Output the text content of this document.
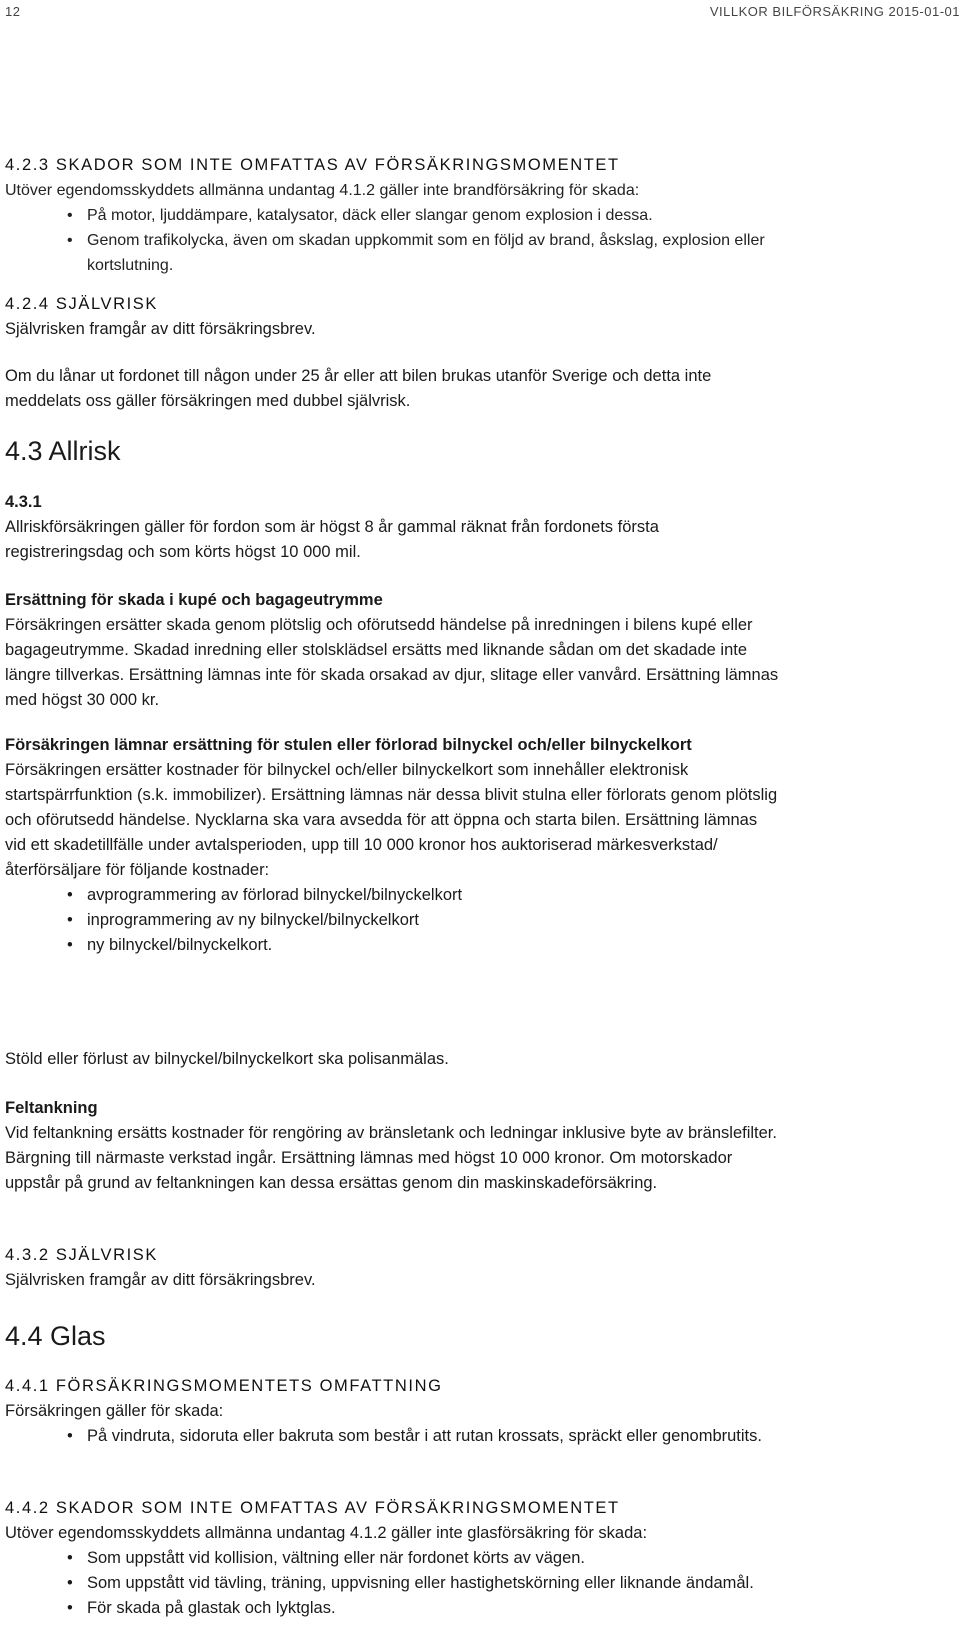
12	VILLKOR BILFÖRSÄKRING 2015-01-01
4.2.3 SKADOR SOM INTE OMFATTAS AV FÖRSÄKRINGSMOMENTET
Utöver egendomsskyddets allmänna undantag 4.1.2 gäller inte brandförsäkring för skada:
• På motor, ljuddämpare, katalysator, däck eller slangar genom explosion i dessa.
• Genom trafikolycka, även om skadan uppkommit som en följd av brand, åskslag, explosion eller kortslutning.
4.2.4 SJÄLVRISK
Självrisken framgår av ditt försäkringsbrev.
Om du lånar ut fordonet till någon under 25 år eller att bilen brukas utanför Sverige och detta inte meddelats oss gäller försäkringen med dubbel självrisk.
4.3 Allrisk
4.3.1
Allriskförsäkringen gäller för fordon som är högst 8 år gammal räknat från fordonets första registreringsdag och som körts högst 10 000 mil.
Ersättning för skada i kupé och bagageutrymme
Försäkringen ersätter skada genom plötslig och oförutsedd händelse på inredningen i bilens kupé eller bagageutrymme. Skadad inredning eller stolsklädsel ersätts med liknande sådan om det skadade inte längre tillverkas. Ersättning lämnas inte för skada orsakad av djur, slitage eller vanvård. Ersättning lämnas med högst 30 000 kr.
Försäkringen lämnar ersättning för stulen eller förlorad bilnyckel och/eller bilnyckelkort
Försäkringen ersätter kostnader för bilnyckel och/eller bilnyckelkort som innehåller elektronisk startspärrfunktion (s.k. immobilizer). Ersättning lämnas när dessa blivit stulna eller förlorats genom plötslig och oförutsedd händelse. Nycklarna ska vara avsedda för att öppna och starta bilen. Ersättning lämnas vid ett skadetillfälle under avtalsperioden, upp till 10 000 kronor hos auktoriserad märkesverkstad/återförsäljare för följande kostnader:
• avprogrammering av förlorad bilnyckel/bilnyckelkort
• inprogrammering av ny bilnyckel/bilnyckelkort
• ny bilnyckel/bilnyckelkort.
Stöld eller förlust av bilnyckel/bilnyckelkort ska polisanmälas.
Feltankning
Vid feltankning ersätts kostnader för rengöring av bränsletank och ledningar inklusive byte av bränslefilter. Bärgning till närmaste verkstad ingår. Ersättning lämnas med högst 10 000 kronor. Om motorskador uppstår på grund av feltankningen kan dessa ersättas genom din maskinskadeförsäkring.
4.3.2 SJÄLVRISK
Självrisken framgår av ditt försäkringsbrev.
4.4 Glas
4.4.1 FÖRSÄKRINGSMOMENTETS OMFATTNING
Försäkringen gäller för skada:
• På vindruta, sidoruta eller bakruta som består i att rutan krossats, spräckt eller genombrutits.
4.4.2 SKADOR SOM INTE OMFATTAS AV FÖRSÄKRINGSMOMENTET
Utöver egendomsskyddets allmänna undantag 4.1.2 gäller inte glasförsäkring för skada:
• Som uppstått vid kollision, vältning eller när fordonet körts av vägen.
• Som uppstått vid tävling, träning, uppvisning eller hastighetskörning eller liknande ändamål.
• För skada på glastak och lyktglas.
